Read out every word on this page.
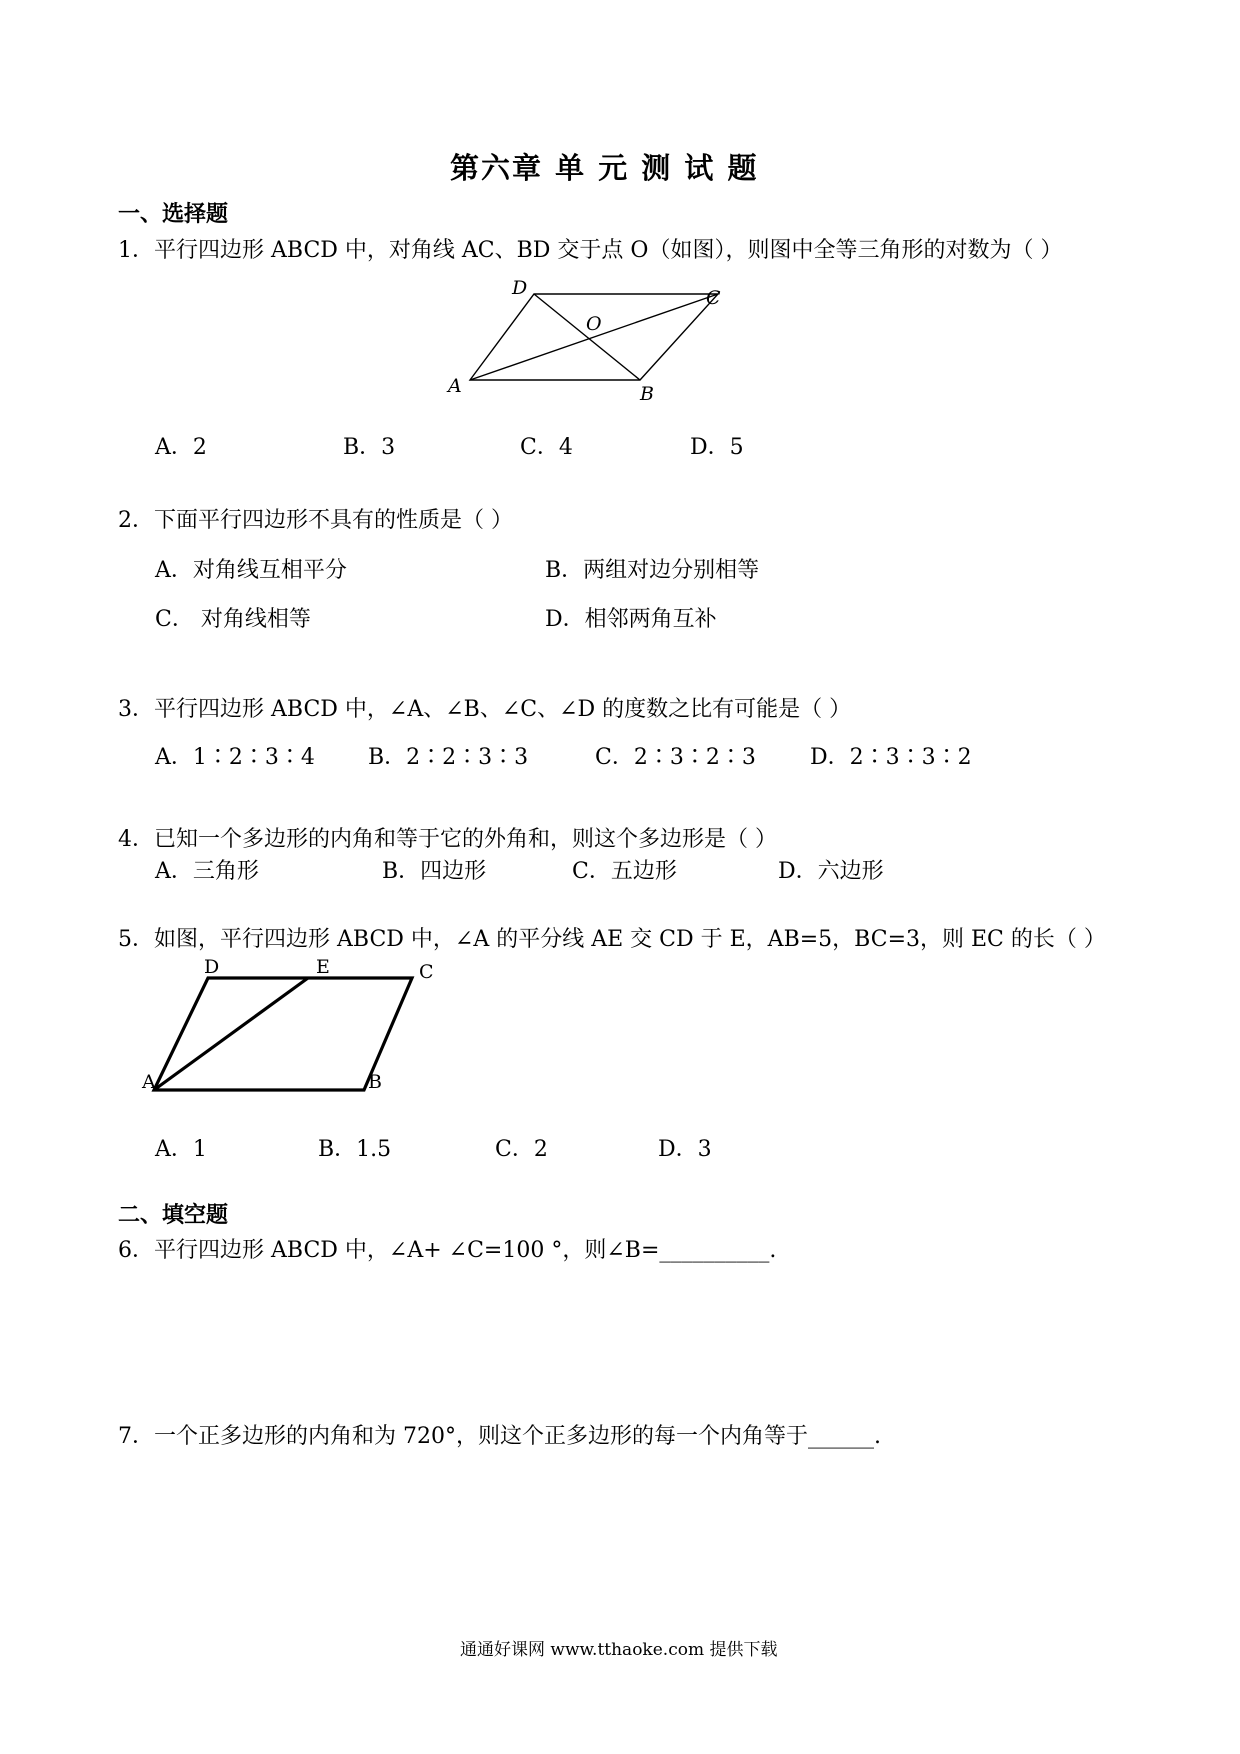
第六章 单 元 测 试 题
一、选择题
1．平行四边形 ABCD 中，对角线 AC、BD 交于点 O（如图），则图中全等三角形的对数为（ ）
A	B
C
D
O
A．2	B．3	C．4	D．5
2．下面平行四边形不具有的性质是（ ）
A．对角线互相平分	B．两组对边分别相等
C． 对角线相等	D．相邻两角互补
3．平行四边形 ABCD 中，∠A、∠B、∠C、∠D 的度数之比有可能是（ ）
A．1∶2∶3∶4 B．2∶2∶3∶3	C．2∶3∶2∶3 D．2∶3∶3∶2
4．已知一个多边形的内角和等于它的外角和，则这个多边形是（ ）
A．三角形	B．四边形	C．五边形	D．六边形
5．如图，平行四边形 ABCD 中，∠A 的平分线 AE 交 CD 于 E，AB=5，BC=3，则 EC 的长（ ）
A	B
C
D	E
A．1	B．1.5	C．2	D．3
二、填空题
6．平行四边形 ABCD 中，∠A+ ∠C=100 °，则∠B=__________.
7．一个正多边形的内角和为 720°，则这个正多边形的每一个内角等于______.
通通好课网 www.tthaoke.com 提供下载
